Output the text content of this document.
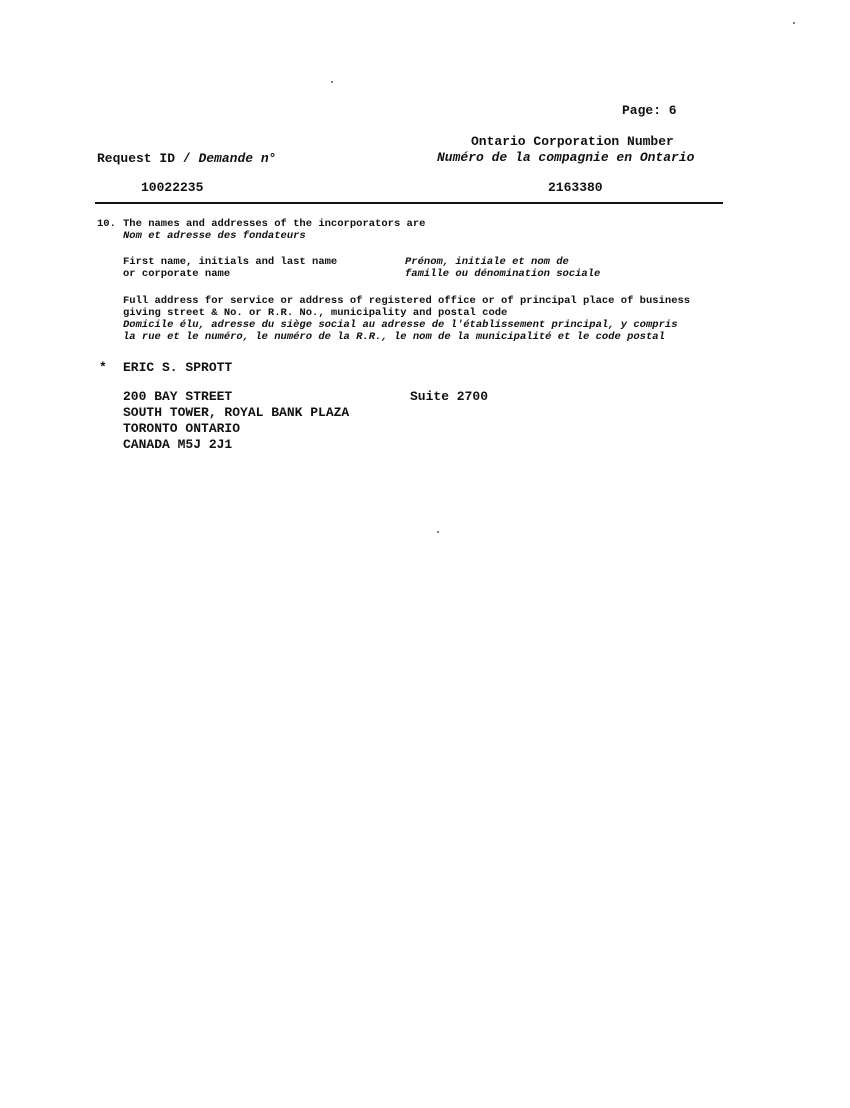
Page: 6
Ontario Corporation Number
Numéro de la compagnie en Ontario
Request ID / Demande n°
10022235	2163380
10. The names and addresses of the incorporators are
Nom et adresse des fondateurs
First name, initials and last name
or corporate name
Prénom, initiale et nom de
famille ou dénomination sociale
Full address for service or address of registered office or of principal place of business
giving street & No. or R.R. No., municipality and postal code
Domicile élu, adresse du siège social au adresse de l'établissement principal, y compris
la rue et le numéro, le numéro de la R.R., le nom de la municipalité et le code postal
* ERIC S. SPROTT
200 BAY STREET
SOUTH TOWER, ROYAL BANK PLAZA
TORONTO ONTARIO
CANADA M5J 2J1
Suite 2700
